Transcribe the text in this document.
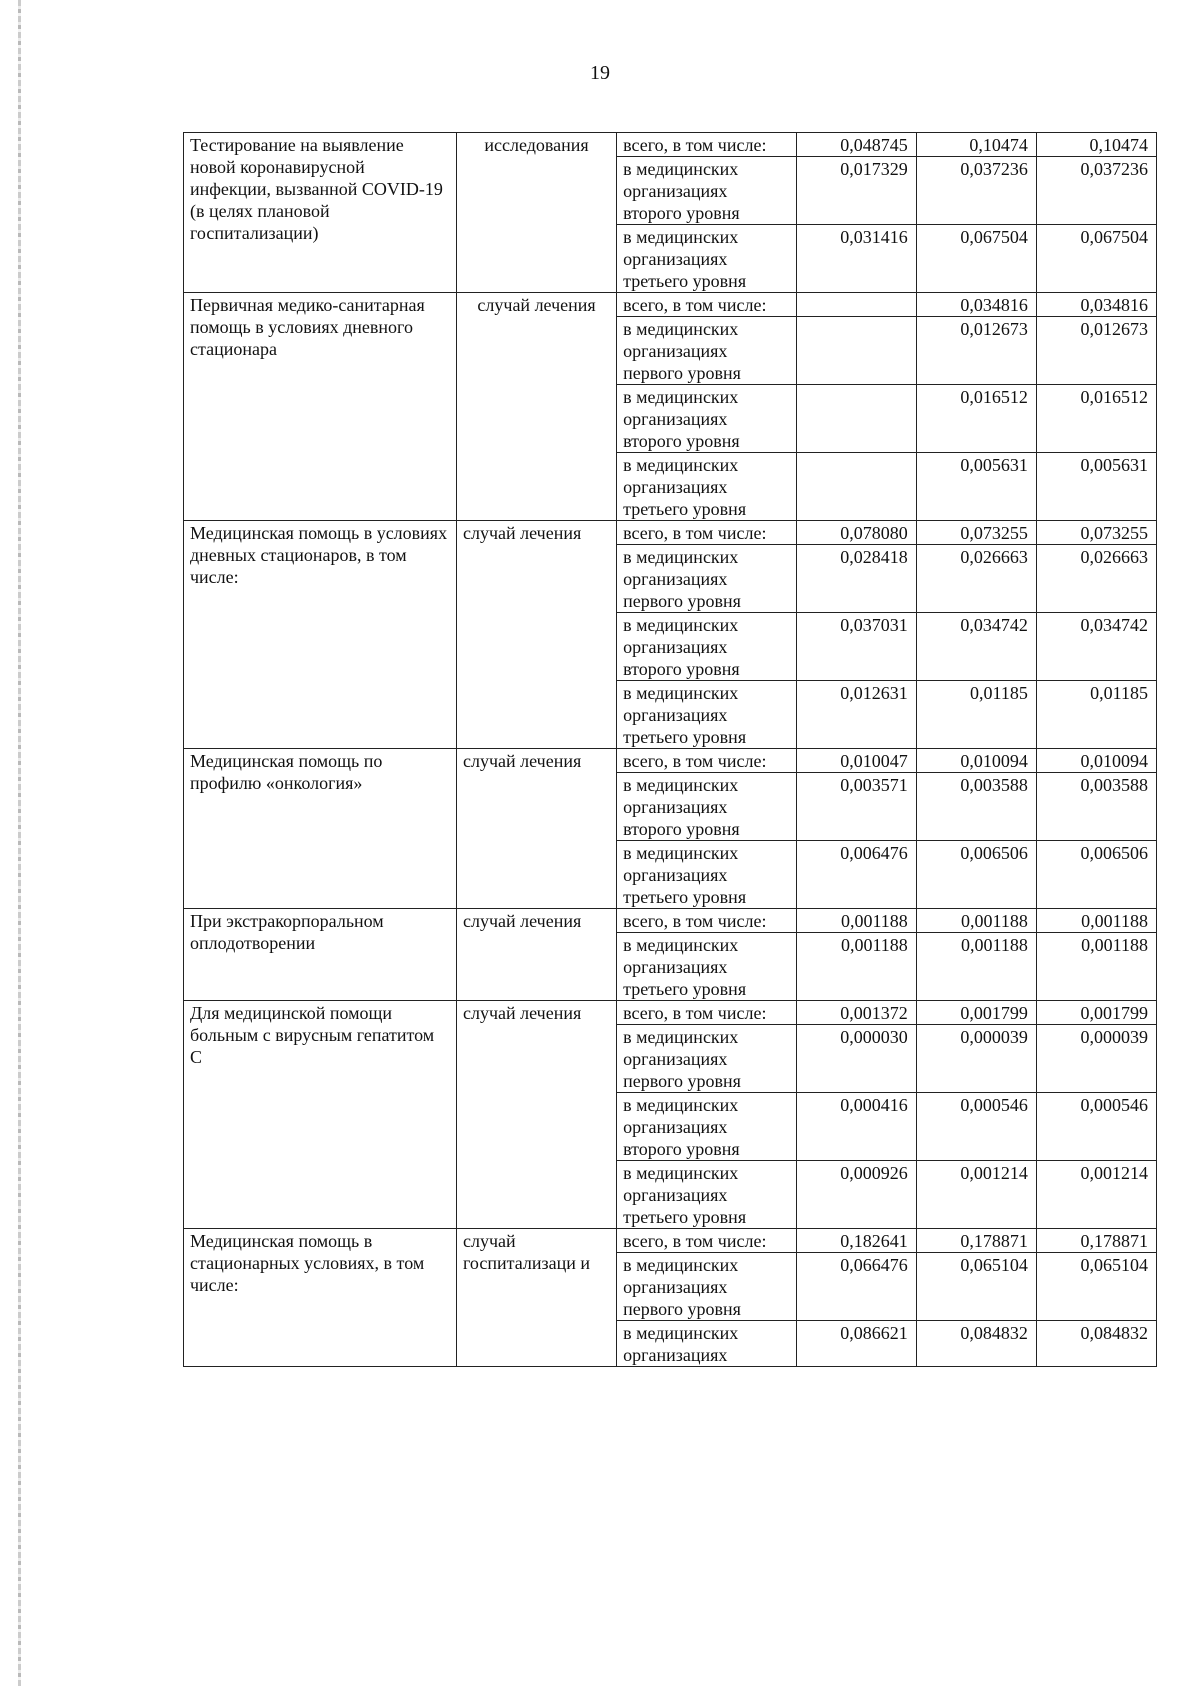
19
Тестирование на выявление новой коронавирусной инфекции, вызванной COVID-19 (в целях плановой госпитализации)	исследования	всего, в том числе:	0,048745	0,10474	0,10474
		в медицинских организациях второго уровня	0,017329	0,037236	0,037236
		в медицинских организациях третьего уровня	0,031416	0,067504	0,067504
Первичная медико-санитарная помощь в условиях дневного стационара	случай лечения	всего, в том числе:		0,034816	0,034816
		в медицинских организациях первого уровня		0,012673	0,012673
		в медицинских организациях второго уровня		0,016512	0,016512
		в медицинских организациях третьего уровня		0,005631	0,005631
Медицинская помощь в условиях дневных стационаров, в том числе:	случай лечения	всего, в том числе:	0,078080	0,073255	0,073255
		в медицинских организациях первого уровня	0,028418	0,026663	0,026663
		в медицинских организациях второго уровня	0,037031	0,034742	0,034742
		в медицинских организациях третьего уровня	0,012631	0,01185	0,01185
Медицинская помощь по профилю «онкология»	случай лечения	всего, в том числе:	0,010047	0,010094	0,010094
		в медицинских организациях второго уровня	0,003571	0,003588	0,003588
		в медицинских организациях третьего уровня	0,006476	0,006506	0,006506
При экстракорпоральном оплодотворении	случай лечения	всего, в том числе:	0,001188	0,001188	0,001188
		в медицинских организациях третьего уровня	0,001188	0,001188	0,001188
Для медицинской помощи больным с вирусным гепатитом С	случай лечения	всего, в том числе:	0,001372	0,001799	0,001799
		в медицинских организациях первого уровня	0,000030	0,000039	0,000039
		в медицинских организациях второго уровня	0,000416	0,000546	0,000546
		в медицинских организациях третьего уровня	0,000926	0,001214	0,001214
Медицинская помощь в стационарных условиях, в том числе:	случай госпитализаци и	всего, в том числе:	0,182641	0,178871	0,178871
		в медицинских организациях первого уровня	0,066476	0,065104	0,065104
		в медицинских организациях	0,086621	0,084832	0,084832
